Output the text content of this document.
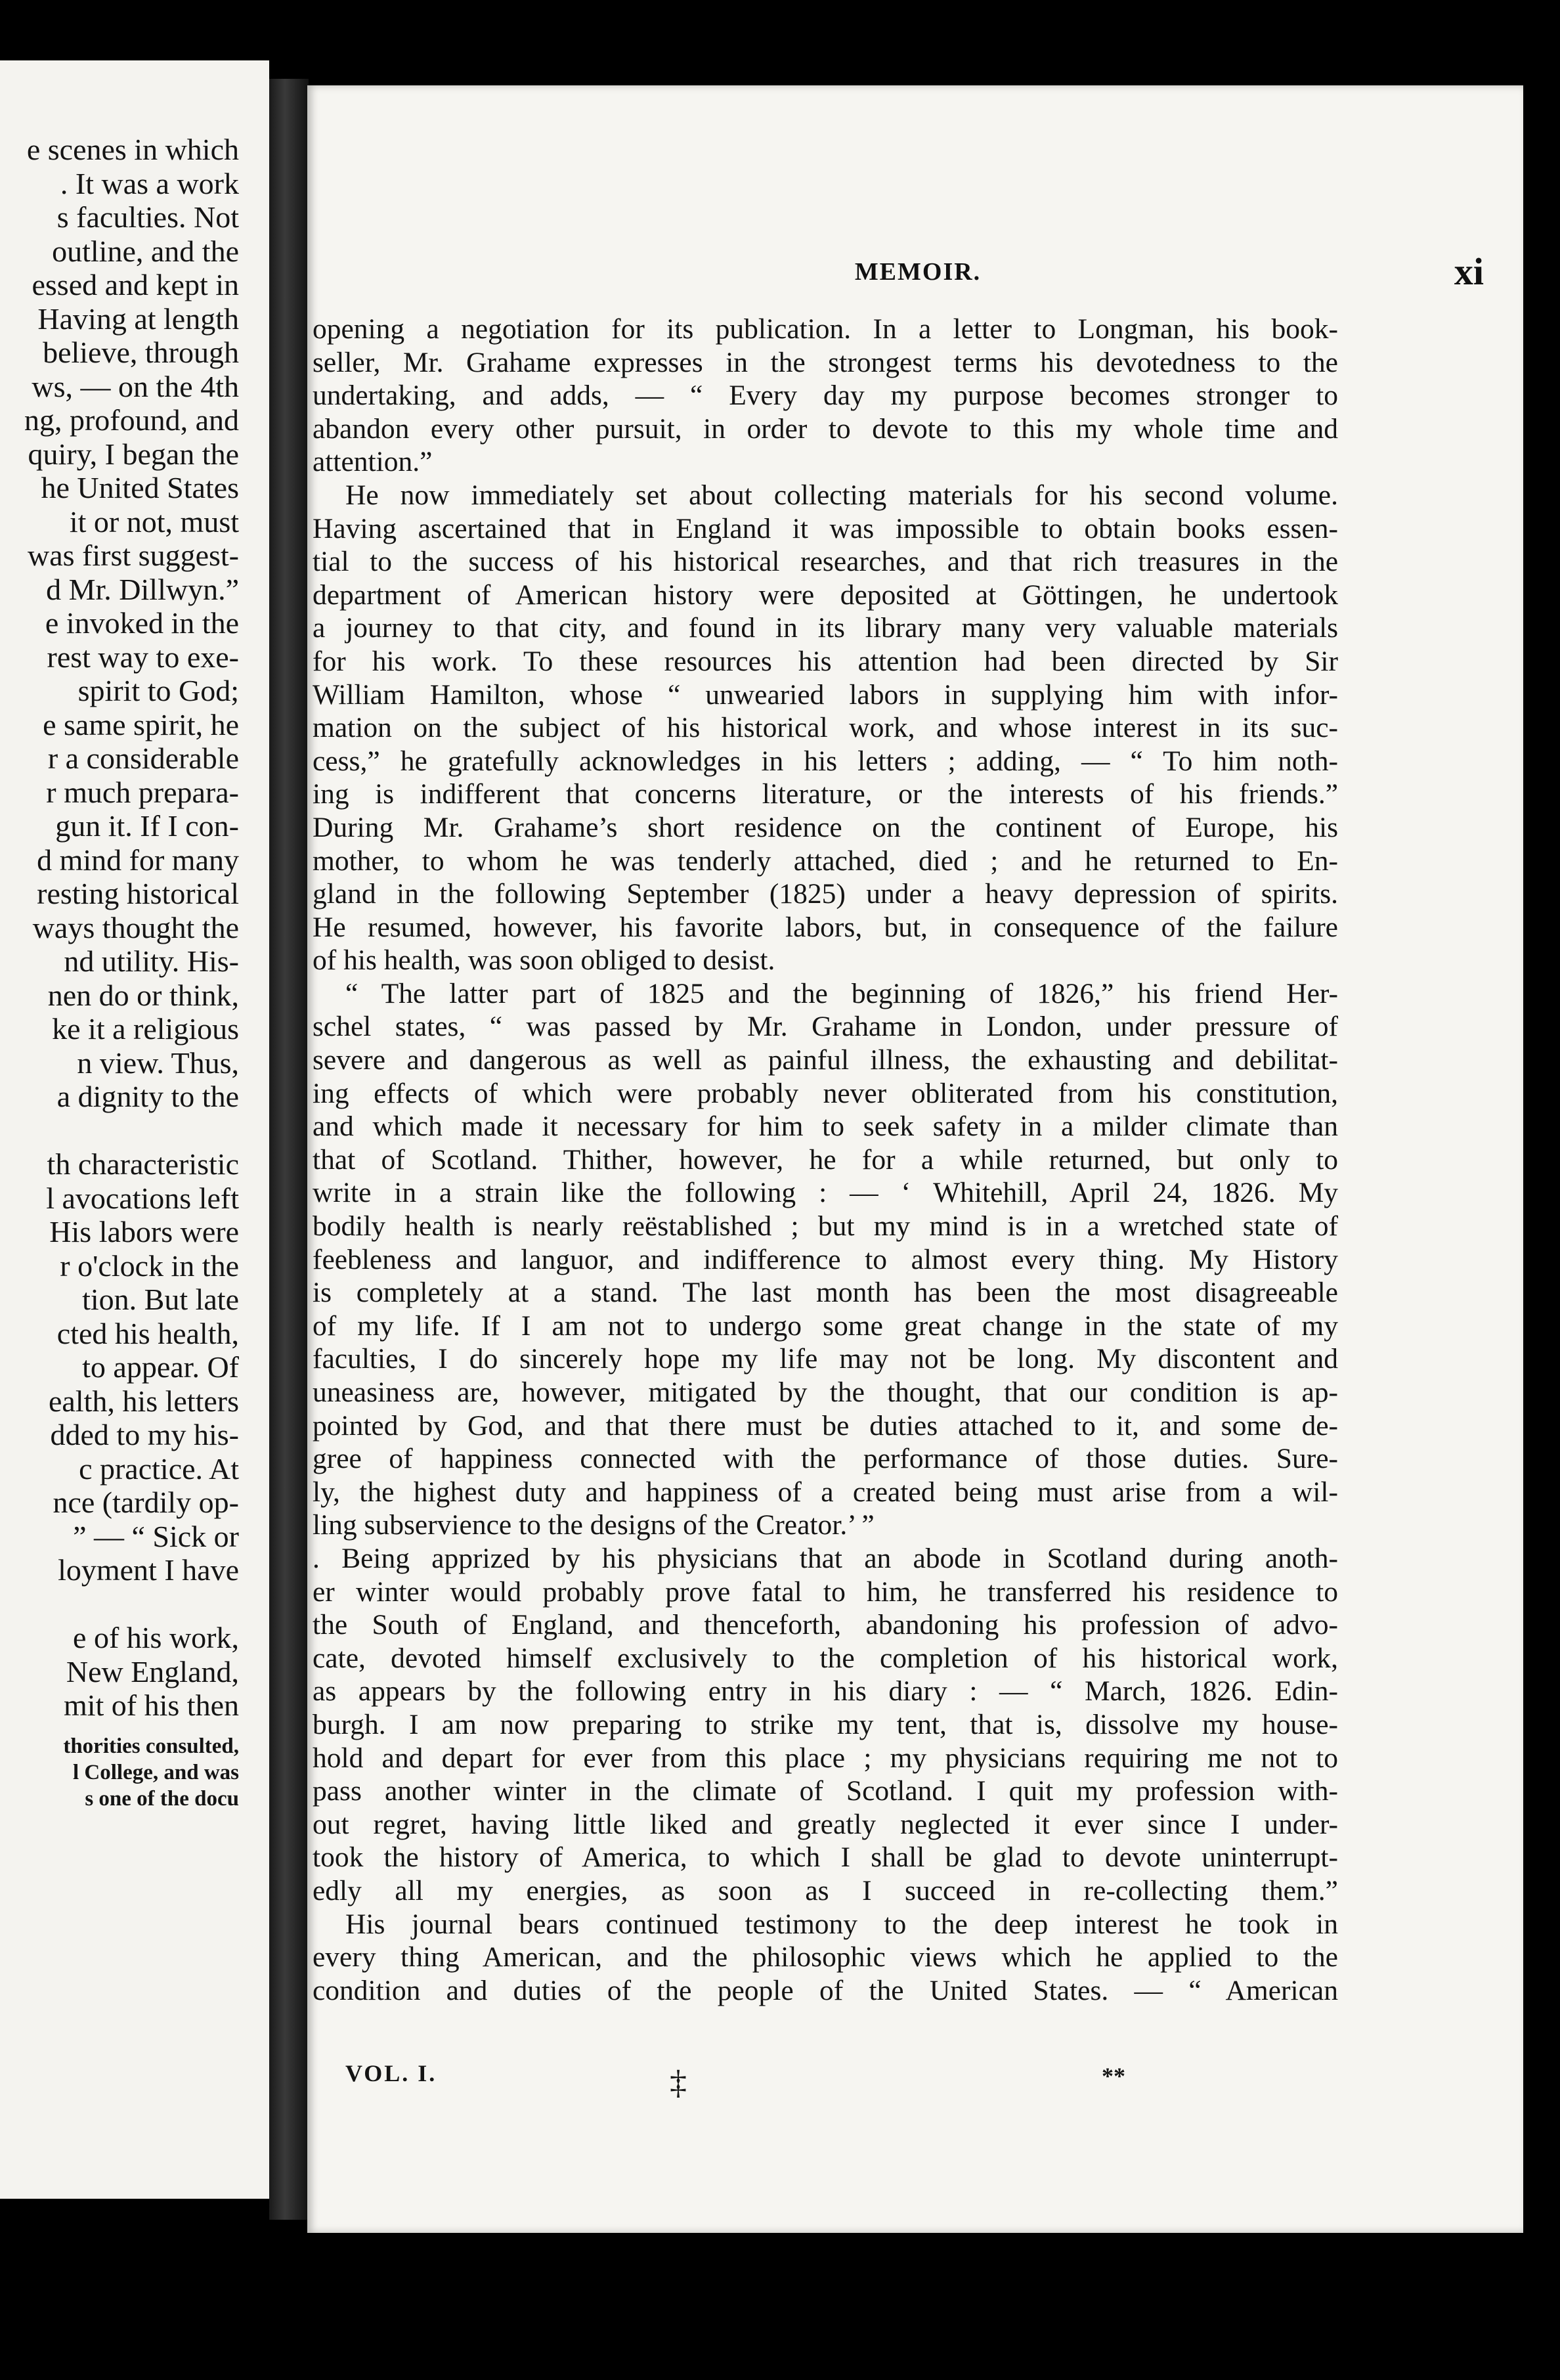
e scenes in which
. It was a work
s faculties. Not
outline, and the
essed and kept in
Having at length
believe, through
ws, — on the 4th
ng, profound, and
quiry, I began the
he United States
it or not, must
was first suggest-
d Mr. Dillwyn.”
e invoked in the
rest way to exe-
spirit to God;
e same spirit, he
r a considerable
r much prepara-
gun it. If I con-
d mind for many
resting historical
ways thought the
nd utility. His-
nen do or think,
ke it a religious
n view. Thus,
a dignity to the
th characteristic
l avocations left
His labors were
r o'clock in the
tion. But late
cted his health,
to appear. Of
ealth, his letters
dded to my his-
c practice. At
nce (tardily op-
” — “ Sick or
loyment I have
e of his work,
New England,
mit of his then
thorities consulted,
l College, and was
s one of the docu
MEMOIR.	xi
opening a negotiation for its publication. In a letter to Longman, his book-
seller, Mr. Grahame expresses in the strongest terms his devotedness to the
undertaking, and adds, — “ Every day my purpose becomes stronger to
abandon every other pursuit, in order to devote to this my whole time and
attention.”
He now immediately set about collecting materials for his second volume.
Having ascertained that in England it was impossible to obtain books essen-
tial to the success of his historical researches, and that rich treasures in the
department of American history were deposited at Göttingen, he undertook
a journey to that city, and found in its library many very valuable materials
for his work. To these resources his attention had been directed by Sir
William Hamilton, whose “ unwearied labors in supplying him with infor-
mation on the subject of his historical work, and whose interest in its suc-
cess,” he gratefully acknowledges in his letters ; adding, — “ To him noth-
ing is indifferent that concerns literature, or the interests of his friends.”
During Mr. Grahame’s short residence on the continent of Europe, his
mother, to whom he was tenderly attached, died ; and he returned to En-
gland in the following September (1825) under a heavy depression of spirits.
He resumed, however, his favorite labors, but, in consequence of the failure
of his health, was soon obliged to desist.
“ The latter part of 1825 and the beginning of 1826,” his friend Her-
schel states, “ was passed by Mr. Grahame in London, under pressure of
severe and dangerous as well as painful illness, the exhausting and debilitat-
ing effects of which were probably never obliterated from his constitution,
and which made it necessary for him to seek safety in a milder climate than
that of Scotland. Thither, however, he for a while returned, but only to
write in a strain like the following : — ‘ Whitehill, April 24, 1826. My
bodily health is nearly reëstablished ; but my mind is in a wretched state of
feebleness and languor, and indifference to almost every thing. My History
is completely at a stand. The last month has been the most disagreeable
of my life. If I am not to undergo some great change in the state of my
faculties, I do sincerely hope my life may not be long. My discontent and
uneasiness are, however, mitigated by the thought, that our condition is ap-
pointed by God, and that there must be duties attached to it, and some de-
gree of happiness connected with the performance of those duties. Sure-
ly, the highest duty and happiness of a created being must arise from a wil-
ling subservience to the designs of the Creator.’ ”
. Being apprized by his physicians that an abode in Scotland during anoth-
er winter would probably prove fatal to him, he transferred his residence to
the South of England, and thenceforth, abandoning his profession of advo-
cate, devoted himself exclusively to the completion of his historical work,
as appears by the following entry in his diary : — “ March, 1826. Edin-
burgh. I am now preparing to strike my tent, that is, dissolve my house-
hold and depart for ever from this place ; my physicians requiring me not to
pass another winter in the climate of Scotland. I quit my profession with-
out regret, having little liked and greatly neglected it ever since I under-
took the history of America, to which I shall be glad to devote uninterrupt-
edly all my energies, as soon as I succeed in re-collecting them.”
His journal bears continued testimony to the deep interest he took in
every thing American, and the philosophic views which he applied to the
condition and duties of the people of the United States. — “ American
VOL. I.	‡	**
